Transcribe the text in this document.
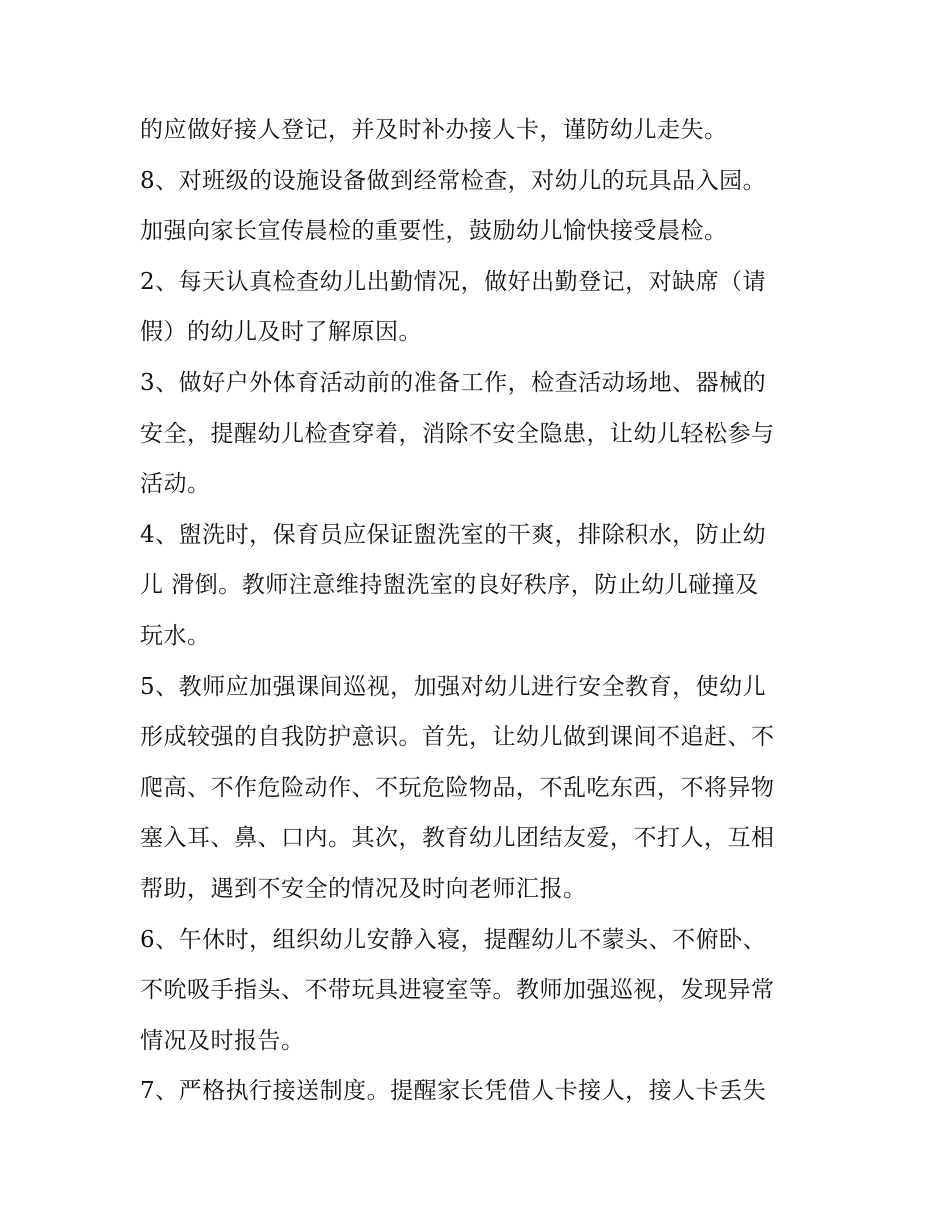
的应做好接人登记，并及时补办接人卡，谨防幼儿走失。
8、对班级的设施设备做到经常检查，对幼儿的玩具品入园。
加强向家长宣传晨检的重要性，鼓励幼儿愉快接受晨检。
2、每天认真检查幼儿出勤情况，做好出勤登记，对缺席（请
假）的幼儿及时了解原因。
3、做好户外体育活动前的准备工作，检查活动场地、器械的
安全，提醒幼儿检查穿着，消除不安全隐患，让幼儿轻松参与
活动。
4、盥洗时，保育员应保证盥洗室的干爽，排除积水，防止幼
儿 滑倒。教师注意维持盥洗室的良好秩序，防止幼儿碰撞及
玩水。
5、教师应加强课间巡视，加强对幼儿进行安全教育，使幼儿
形成较强的自我防护意识。首先，让幼儿做到课间不追赶、不
爬高、不作危险动作、不玩危险物品，不乱吃东西，不将异物
塞入耳、鼻、口内。其次，教育幼儿团结友爱，不打人，互相
帮助，遇到不安全的情况及时向老师汇报。
6、午休时，组织幼儿安静入寝，提醒幼儿不蒙头、不俯卧、
不吮吸手指头、不带玩具进寝室等。教师加强巡视，发现异常
情况及时报告。
7、严格执行接送制度。提醒家长凭借人卡接人，接人卡丢失
